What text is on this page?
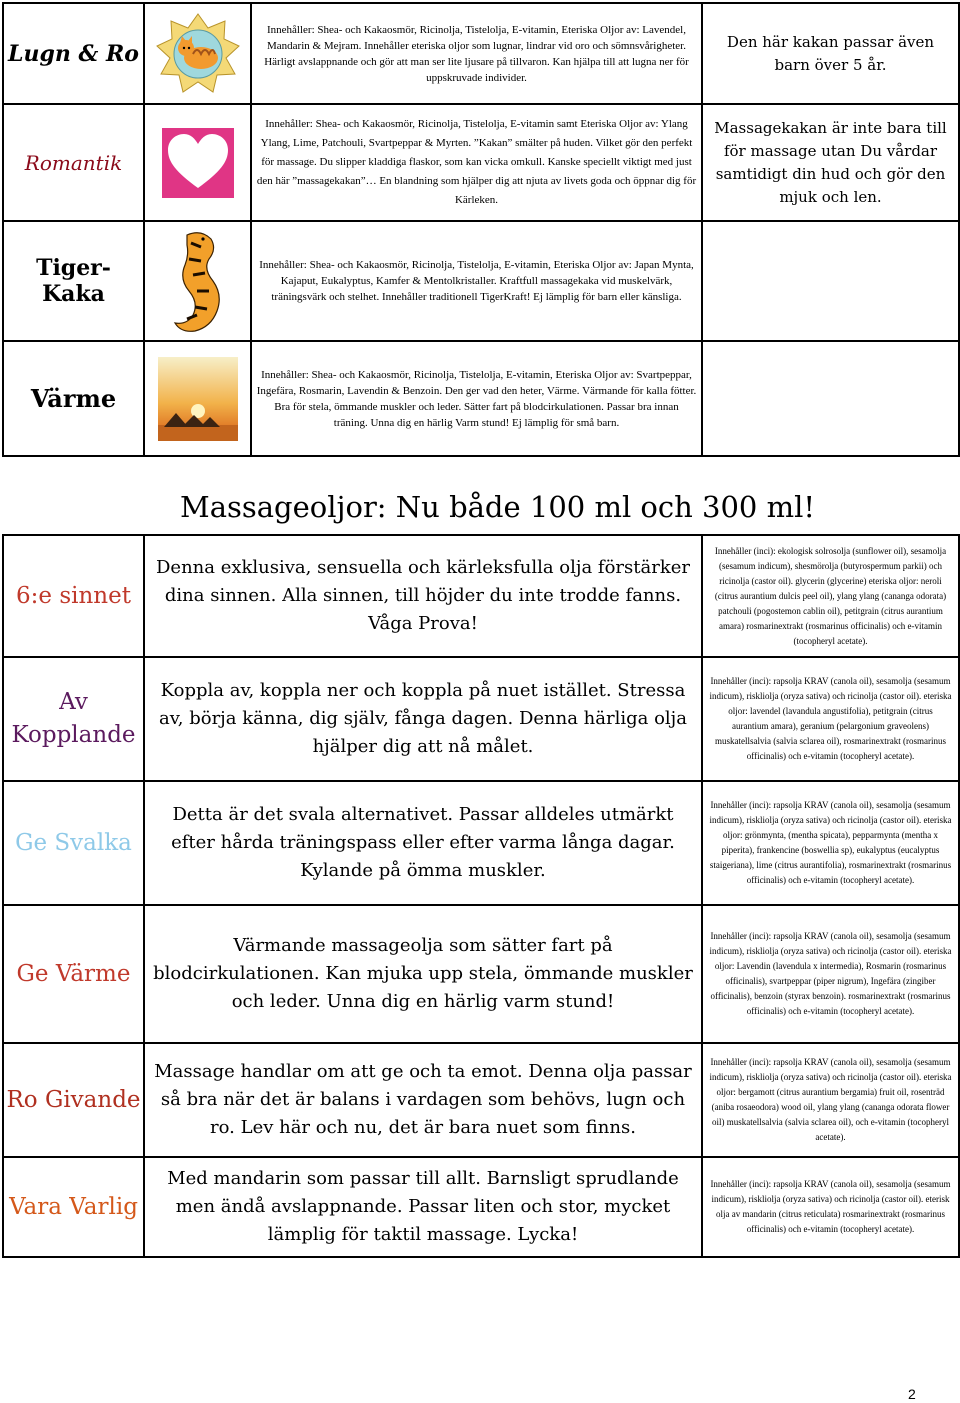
Lugn & Ro		Innehåller: Shea- och Kakaosmör, Ricinolja, Tistelolja, E-vitamin, Eteriska Oljor av: Lavendel, Mandarin & Mejram. Innehåller eteriska oljor som lugnar, lindrar vid oro och sömnsvårigheter. Härligt avslappnande och gör att man ser lite ljusare på tillvaron. Kan hjälpa till att lugna ner för uppskruvade individer.	Den här kakan passar även barn över 5 år.
Romantik		Innehåller: Shea- och Kakaosmör, Ricinolja, Tistelolja, E-vitamin samt Eteriska Oljor av: Ylang Ylang, Lime, Patchouli, Svartpeppar & Myrten. ”Kakan” smälter på huden. Vilket gör den perfekt för massage. Du slipper kladdiga flaskor, som kan vicka omkull. Kanske speciellt viktigt med just den här ”massagekakan”… En blandning som hjälper dig att njuta av livets goda och öppnar dig för Kärleken.	Massagekakan är inte bara till för massage utan Du vårdar samtidigt din hud och gör den mjuk och len.
Tiger- Kaka		Innehåller: Shea- och Kakaosmör, Ricinolja, Tistelolja, E-vitamin, Eteriska Oljor av: Japan Mynta, Kajaput, Eukalyptus, Kamfer & Mentolkristaller. Kraftfull massagekaka vid muskelvärk, träningsvärk och stelhet. Innehåller traditionell TigerKraft! Ej lämplig för barn eller känsliga.	
Värme		Innehåller: Shea- och Kakaosmör, Ricinolja, Tistelolja, E-vitamin, Eteriska Oljor av: Svartpeppar, Ingefära, Rosmarin, Lavendin & Benzoin. Den ger vad den heter, Värme. Värmande för kalla fötter. Bra för stela, ömmande muskler och leder. Sätter fart på blodcirkulationen. Passar bra innan träning. Unna dig en härlig Varm stund! Ej lämplig för små barn.	
Massageoljor: Nu både 100 ml och 300 ml!
6:e sinnet	Denna exklusiva, sensuella och kärleksfulla olja förstärker dina sinnen. Alla sinnen, till höjder du inte trodde fanns. Våga Prova!	Innehåller (inci): ekologisk solrosolja (sunflower oil), sesamolja (sesamum indicum), shesmörolja (butyrospermum parkii) och ricinolja (castor oil). glycerin (glycerine) eteriska oljor: neroli (citrus aurantium dulcis peel oil), ylang ylang (cananga odorata) patchouli (pogostemon cablin oil), petitgrain (citrus aurantium amara) rosmarinextrakt (rosmarinus officinalis) och e-vitamin (tocopheryl acetate).
Av Kopplande	Koppla av, koppla ner och koppla på nuet istället. Stressa av, börja känna, dig själv, fånga dagen. Denna härliga olja hjälper dig att nå målet.	Innehåller (inci): rapsolja KRAV (canola oil), sesamolja (sesamum indicum), riskliolja (oryza sativa) och ricinolja (castor oil). eteriska oljor: lavendel (lavandula angustifolia), petitgrain (citrus aurantium amara), geranium (pelargonium graveolens) muskatellsalvia (salvia sclarea oil), rosmarinextrakt (rosmarinus officinalis) och e-vitamin (tocopheryl acetate).
Ge Svalka	Detta är det svala alternativet. Passar alldeles utmärkt efter hårda träningspass eller efter varma långa dagar. Kylande på ömma muskler.	Innehåller (inci): rapsolja KRAV (canola oil), sesamolja (sesamum indicum), riskliolja (oryza sativa) och ricinolja (castor oil). eteriska oljor: grönmynta, (mentha spicata), pepparmynta (mentha x piperita), frankencine (boswellia sp), eukalyptus (eucalyptus staigeriana), lime (citrus aurantifolia), rosmarinextrakt (rosmarinus officinalis) och e-vitamin (tocopheryl acetate).
Ge Värme	Värmande massageolja som sätter fart på blodcirkulationen. Kan mjuka upp stela, ömmande muskler och leder. Unna dig en härlig varm stund!	Innehåller (inci): rapsolja KRAV (canola oil), sesamolja (sesamum indicum), riskliolja (oryza sativa) och ricinolja (castor oil). eteriska oljor: Lavendin (lavendula x intermedia), Rosmarin (rosmarinus officinalis), svartpeppar (piper nigrum), Ingefära (zingiber officinalis), benzoin (styrax benzoin). rosmarinextrakt (rosmarinus officinalis) och e-vitamin (tocopheryl acetate).
Ro Givande	Massage handlar om att ge och ta emot. Denna olja passar så bra när det är balans i vardagen som behövs, lugn och ro. Lev här och nu, det är bara nuet som finns.	Innehåller (inci): rapsolja KRAV (canola oil), sesamolja (sesamum indicum), riskliolja (oryza sativa) och ricinolja (castor oil). eteriska oljor: bergamott (citrus aurantium bergamia) fruit oil, rosenträd (aniba rosaeodora) wood oil, ylang ylang (cananga odorata flower oil) muskatellsalvia (salvia sclarea oil), och e-vitamin (tocopheryl acetate).
Vara Varlig	Med mandarin som passar till allt. Barnsligt sprudlande men ändå avslappnande. Passar liten och stor, mycket lämplig för taktil massage. Lycka!	Innehåller (inci): rapsolja KRAV (canola oil), sesamolja (sesamum indicum), riskliolja (oryza sativa) och ricinolja (castor oil). eterisk olja av mandarin (citrus reticulata) rosmarinextrakt (rosmarinus officinalis) och e-vitamin (tocopheryl acetate).
2
